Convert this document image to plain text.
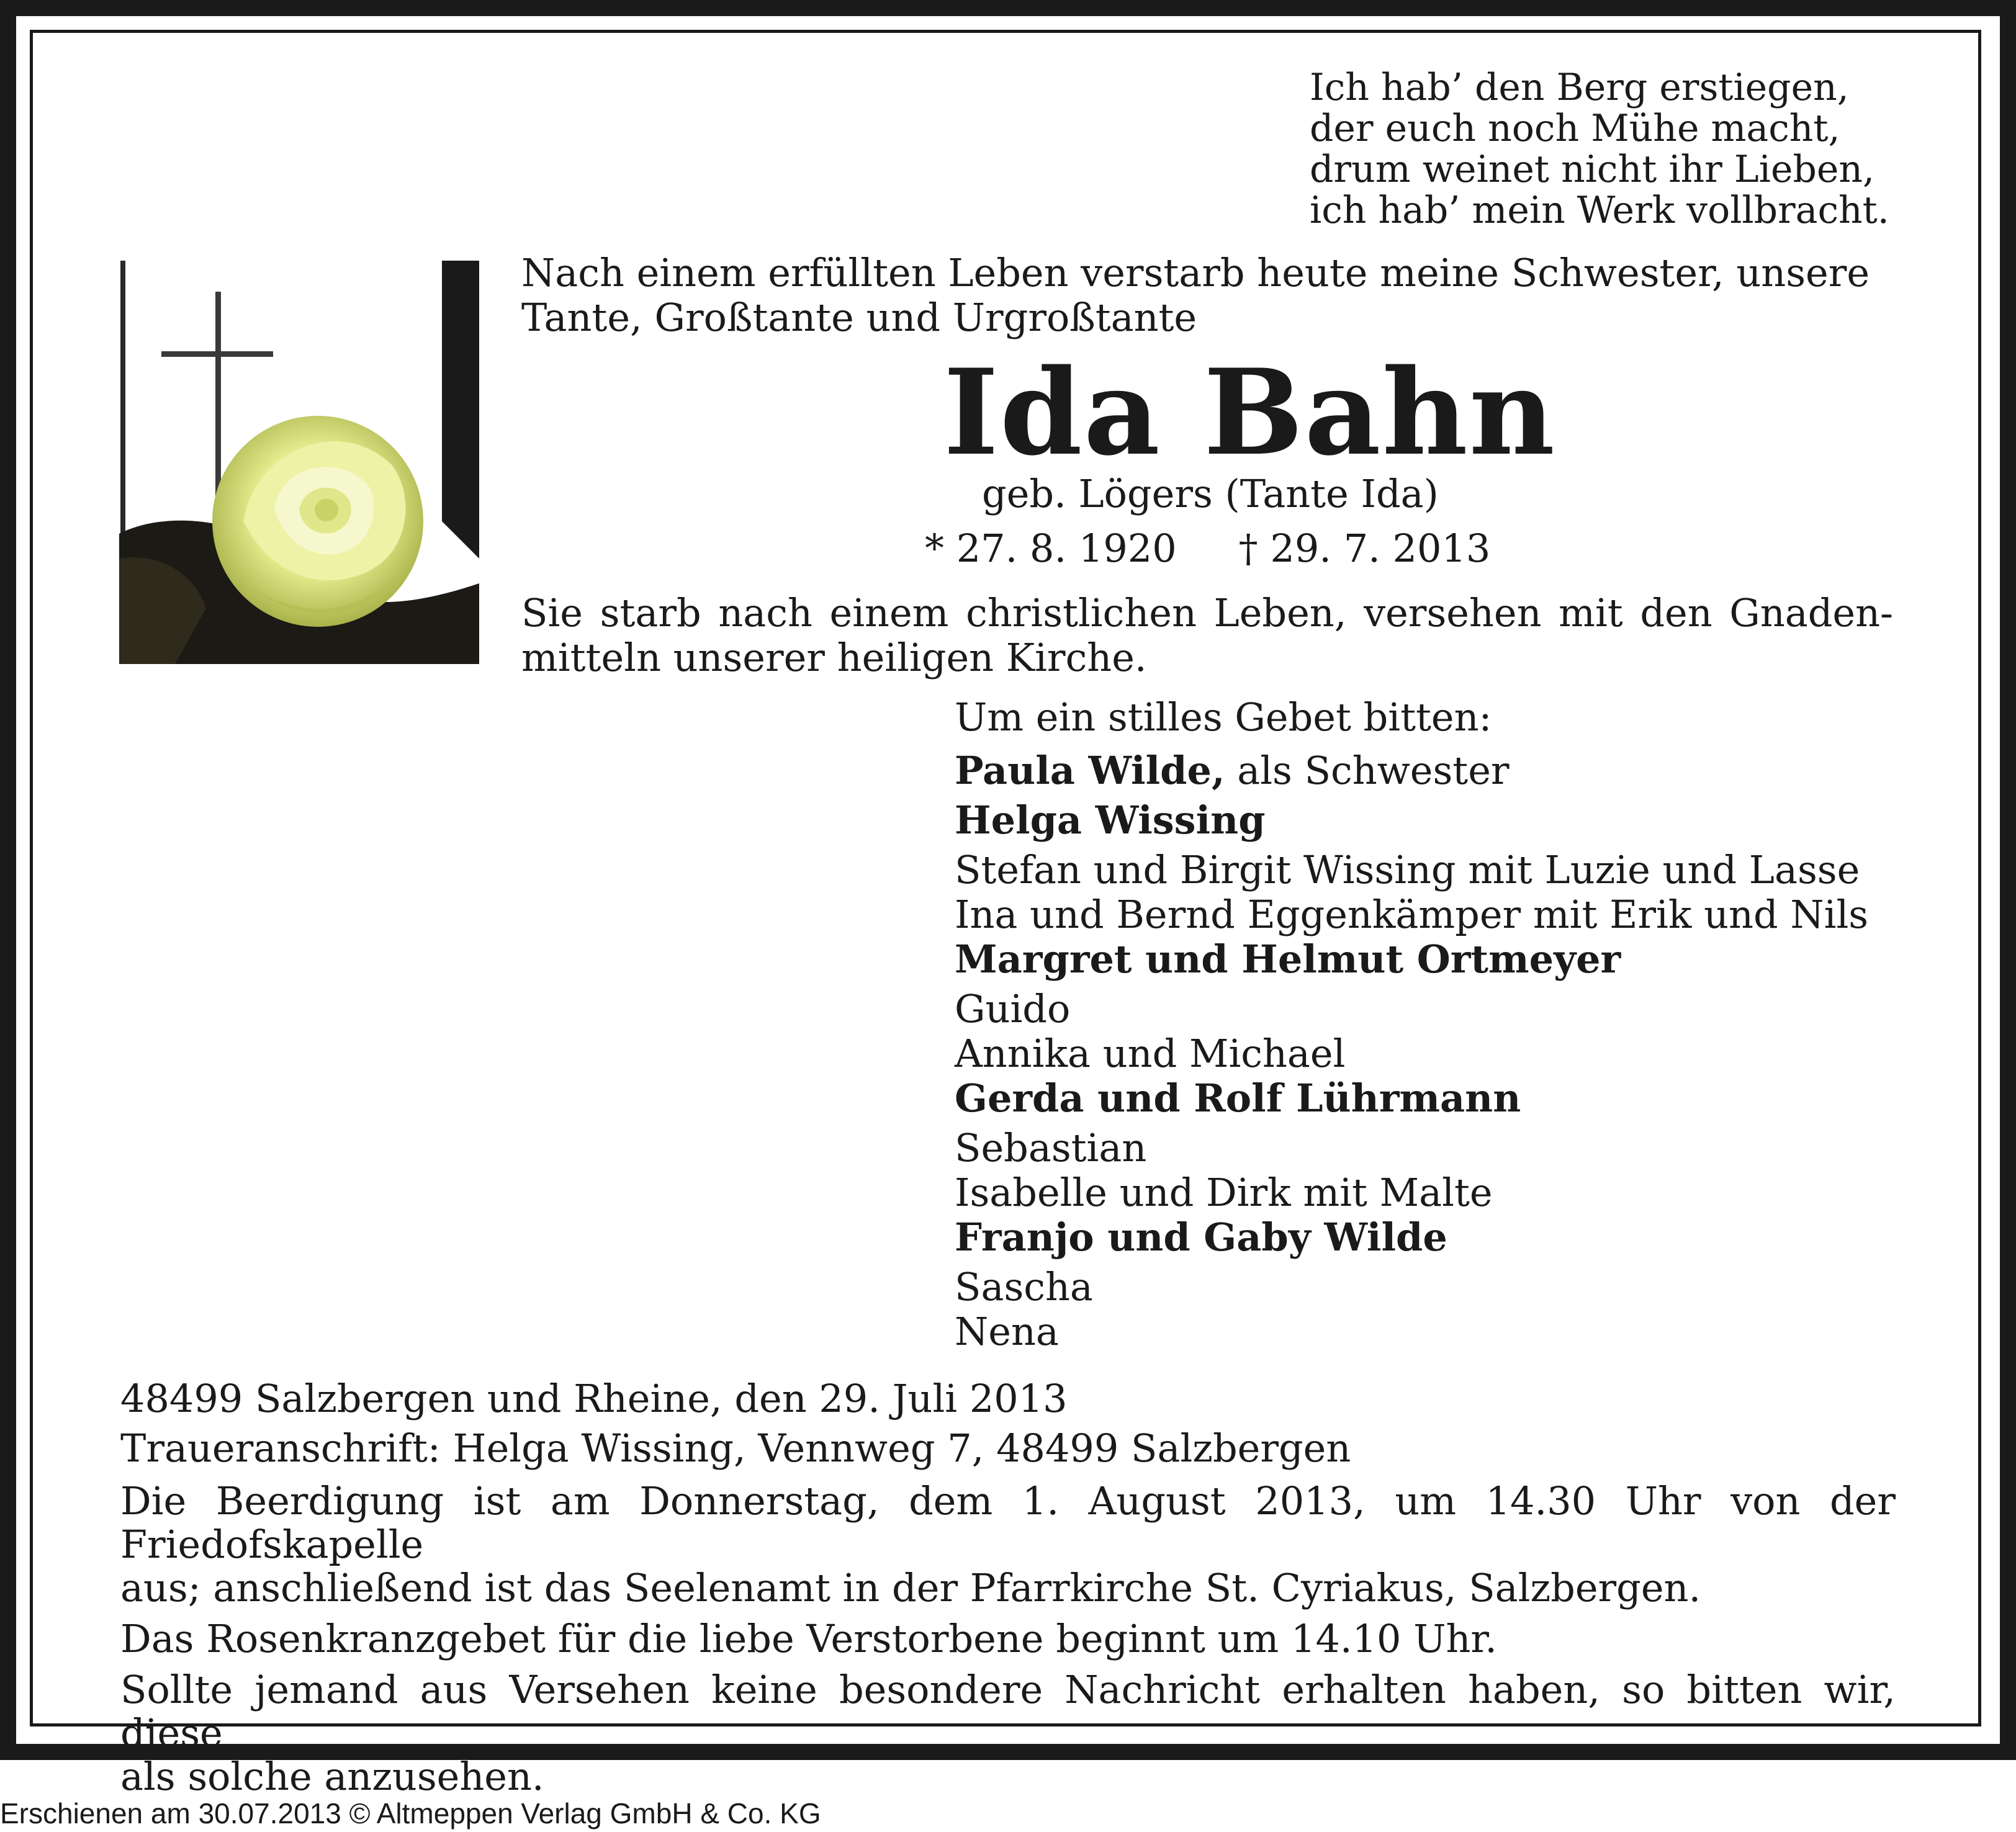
Ich hab’ den Berg erstiegen,
der euch noch Mühe macht,
drum weinet nicht ihr Lieben,
ich hab’ mein Werk vollbracht.
Nach einem erfüllten Leben verstarb heute meine Schwester, unsere
Tante, Großtante und Urgroßtante
Ida Bahn
geb. Lögers (Tante Ida)
* 27. 8. 1920 † 29. 7. 2013
Sie starb nach einem christlichen Leben, versehen mit den Gnaden-
mitteln unserer heiligen Kirche.
Um ein stilles Gebet bitten:
Paula Wilde, als Schwester
Helga Wissing
Stefan und Birgit Wissing mit Luzie und Lasse
Ina und Bernd Eggenkämper mit Erik und Nils
Margret und Helmut Ortmeyer
Guido
Annika und Michael
Gerda und Rolf Lührmann
Sebastian
Isabelle und Dirk mit Malte
Franjo und Gaby Wilde
Sascha
Nena
48499 Salzbergen und Rheine, den 29. Juli 2013
Traueranschrift: Helga Wissing, Vennweg 7, 48499 Salzbergen
Die Beerdigung ist am Donnerstag, dem 1. August 2013, um 14.30 Uhr von der Friedofskapelle
aus; anschließend ist das Seelenamt in der Pfarrkirche St. Cyriakus, Salzbergen.
Das Rosenkranzgebet für die liebe Verstorbene beginnt um 14.10 Uhr.
Sollte jemand aus Versehen keine besondere Nachricht erhalten haben, so bitten wir, diese
als solche anzusehen.
Erschienen am 30.07.2013 © Altmeppen Verlag GmbH & Co. KG
